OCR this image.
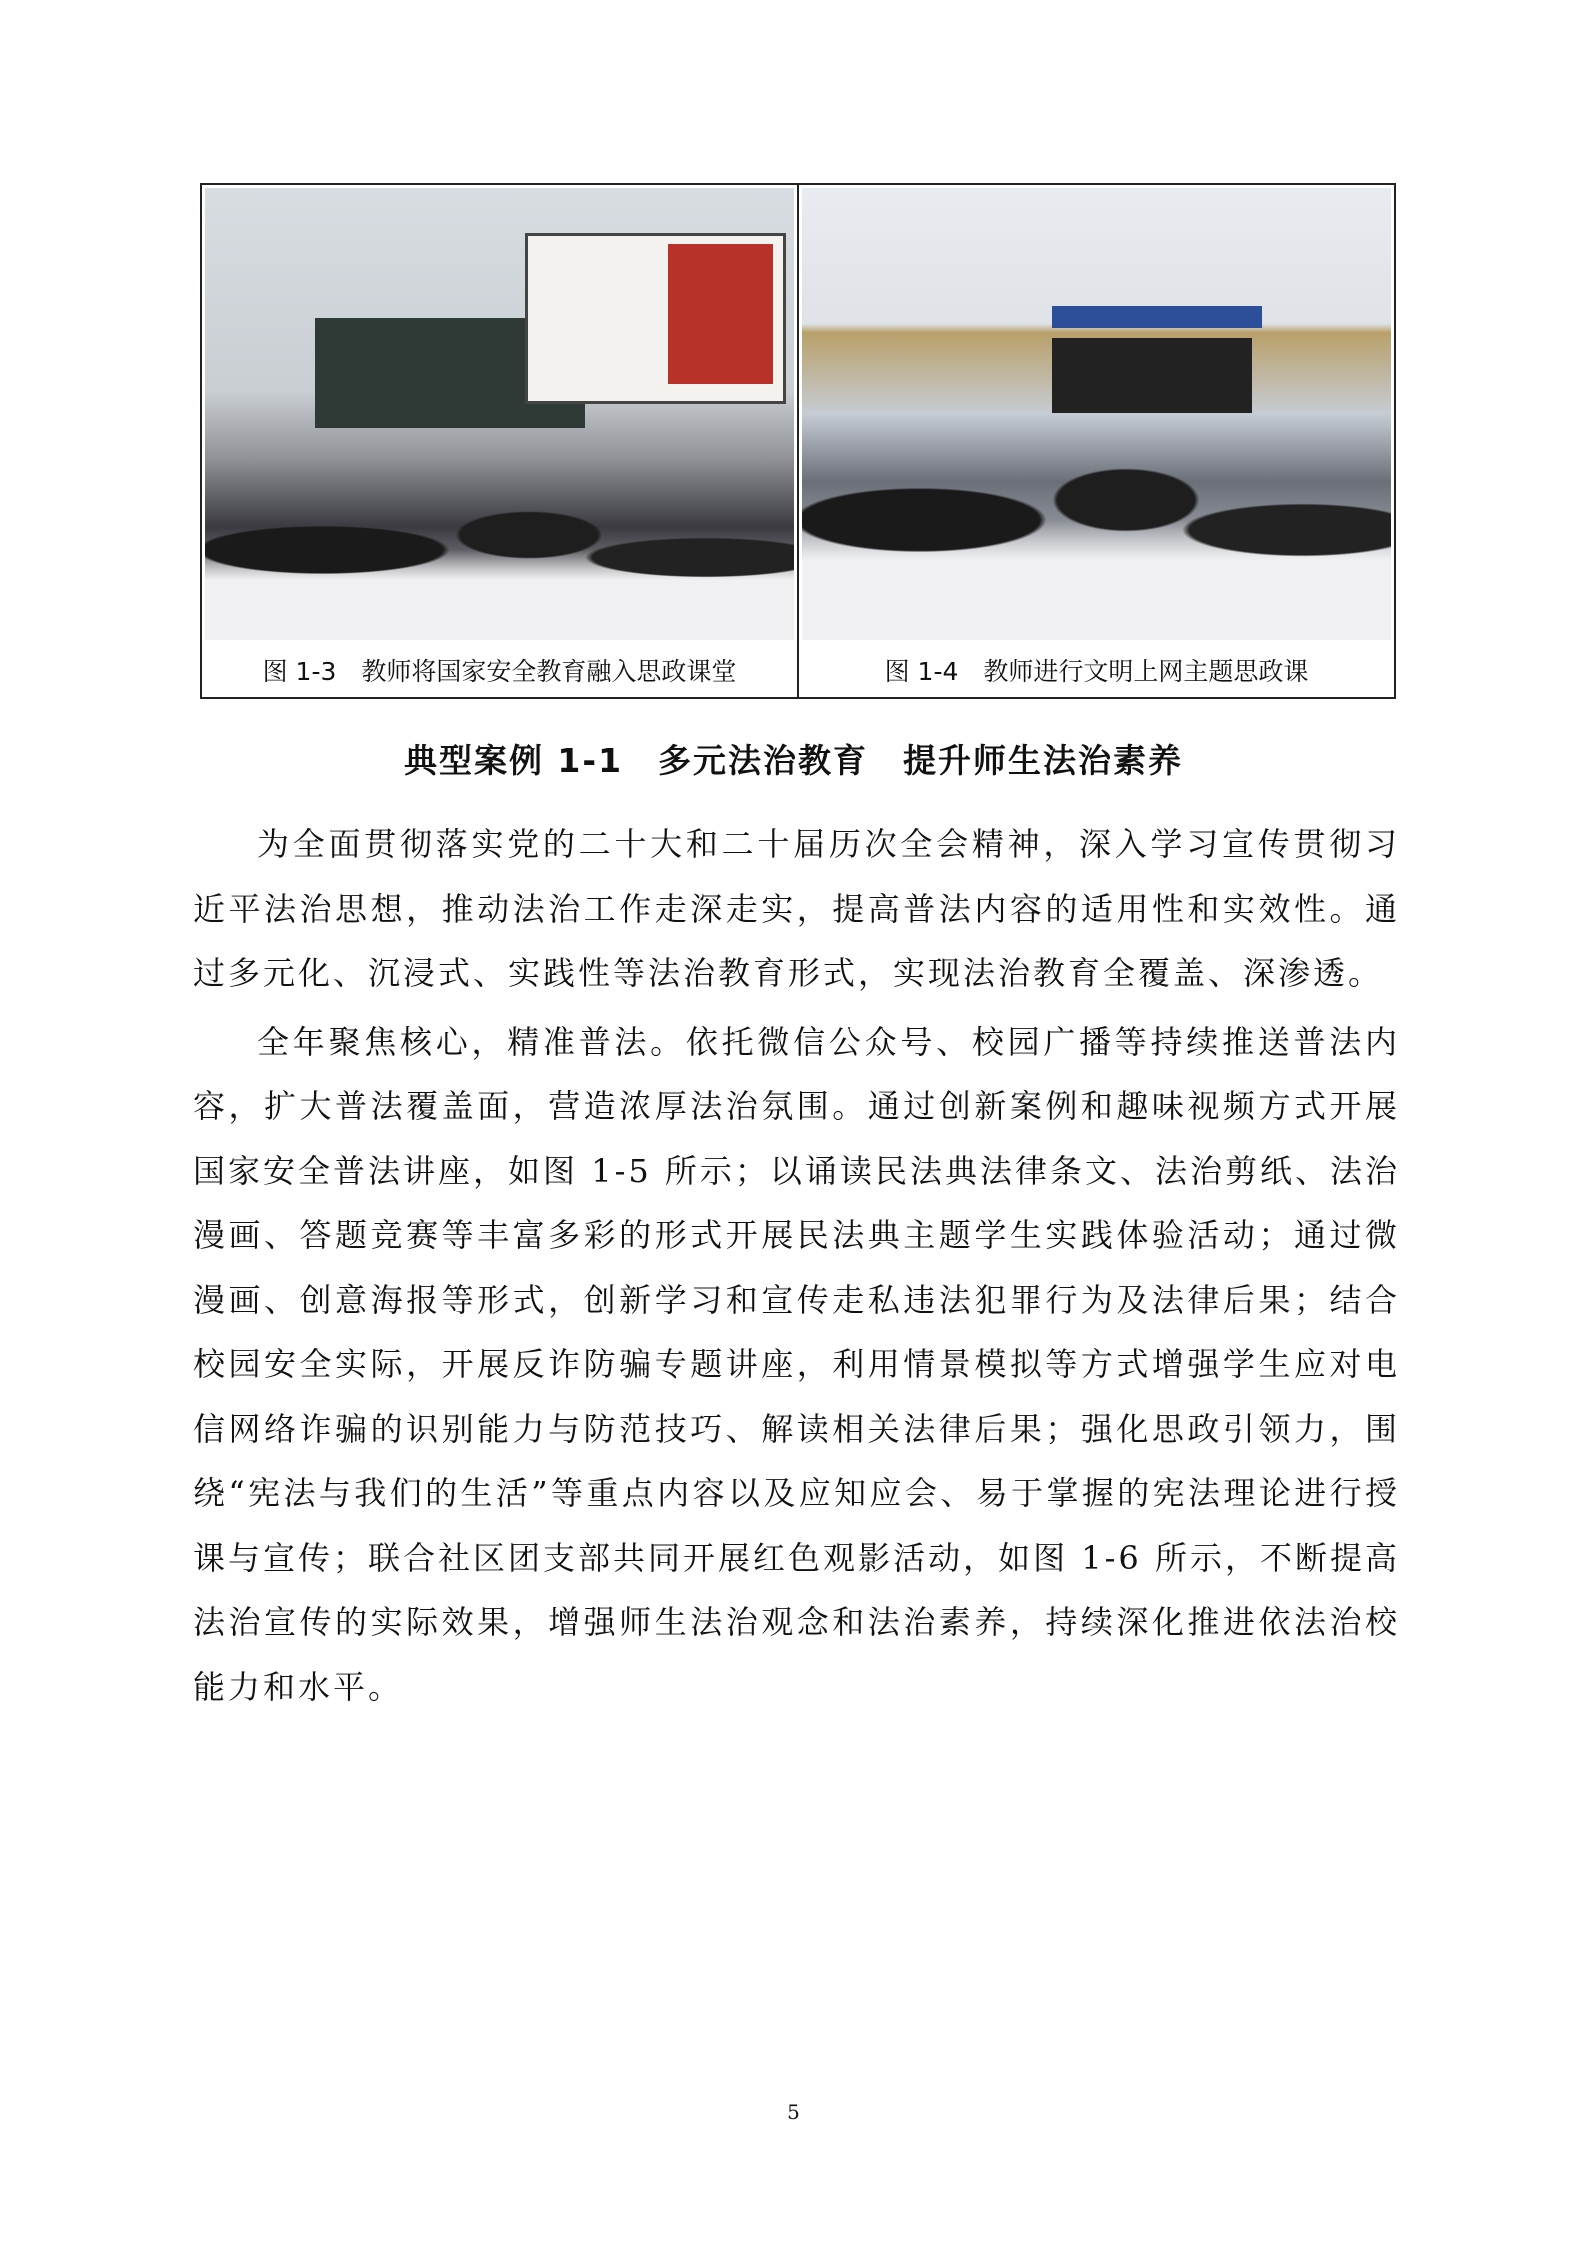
图 1-3　教师将国家安全教育融入思政课堂	图 1-4　教师进行文明上网主题思政课
典型案例 1-1　多元法治教育　提升师生法治素养

为全面贯彻落实党的二十大和二十届历次全会精神，深入学习宣传贯彻习近平法治思想，推动法治工作走深走实，提高普法内容的适用性和实效性。通过多元化、沉浸式、实践性等法治教育形式，实现法治教育全覆盖、深渗透。

全年聚焦核心，精准普法。依托微信公众号、校园广播等持续推送普法内容，扩大普法覆盖面，营造浓厚法治氛围。通过创新案例和趣味视频方式开展国家安全普法讲座，如图 1-5 所示；以诵读民法典法律条文、法治剪纸、法治漫画、答题竞赛等丰富多彩的形式开展民法典主题学生实践体验活动；通过微漫画、创意海报等形式，创新学习和宣传走私违法犯罪行为及法律后果；结合校园安全实际，开展反诈防骗专题讲座，利用情景模拟等方式增强学生应对电信网络诈骗的识别能力与防范技巧、解读相关法律后果；强化思政引领力，围绕“宪法与我们的生活”等重点内容以及应知应会、易于掌握的宪法理论进行授课与宣传；联合社区团支部共同开展红色观影活动，如图 1-6 所示，不断提高法治宣传的实际效果，增强师生法治观念和法治素养，持续深化推进依法治校能力和水平。

5
